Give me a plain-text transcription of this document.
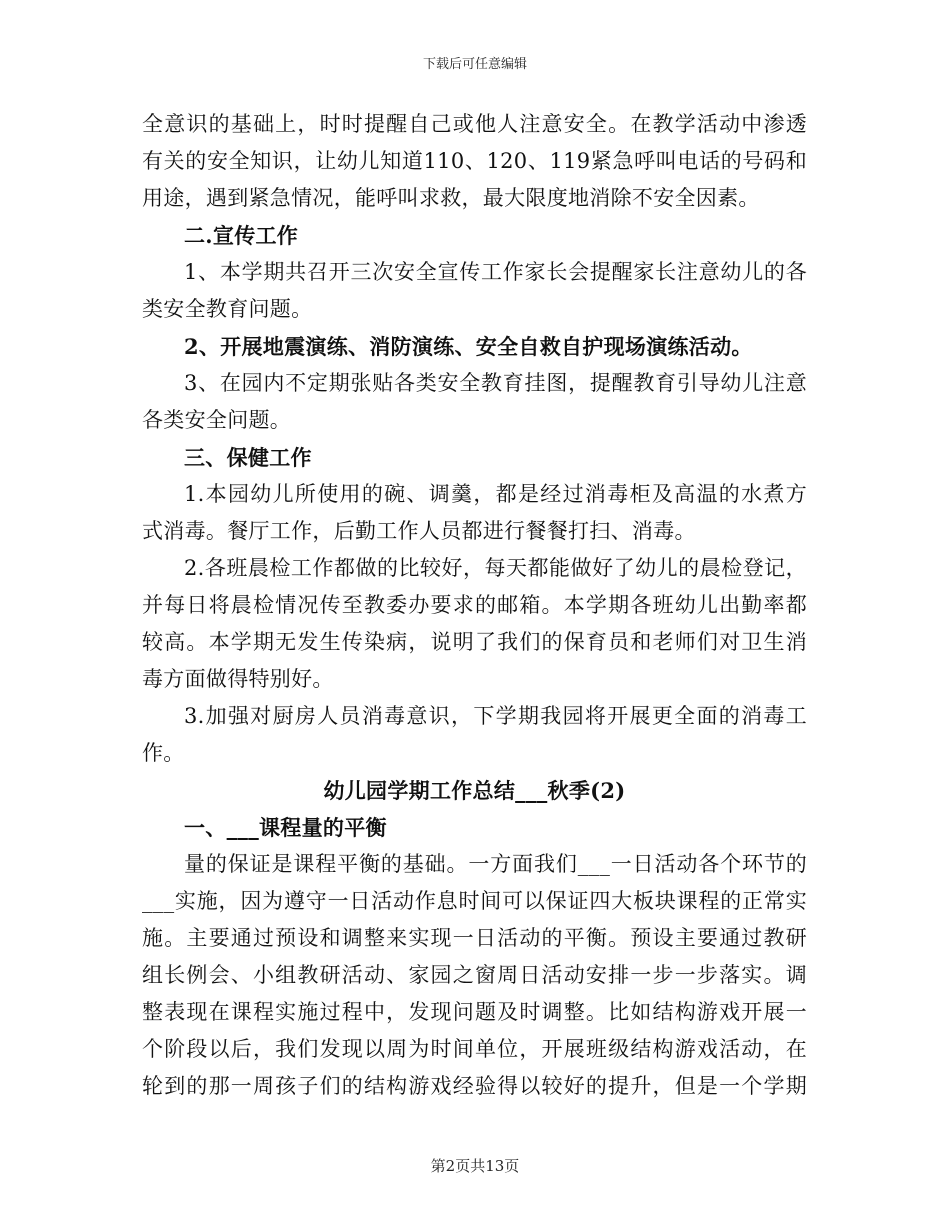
下载后可任意编辑
全意识的基础上，时时提醒自己或他人注意安全。在教学活动中渗透
有关的安全知识，让幼儿知道110、120、119紧急呼叫电话的号码和
用途，遇到紧急情况，能呼叫求救，最大限度地消除不安全因素。
二.宣传工作
1、本学期共召开三次安全宣传工作家长会提醒家长注意幼儿的各
类安全教育问题。
2、开展地震演练、消防演练、安全自救自护现场演练活动。
3、在园内不定期张贴各类安全教育挂图，提醒教育引导幼儿注意
各类安全问题。
三、保健工作
1.本园幼儿所使用的碗、调羹，都是经过消毒柜及高温的水煮方
式消毒。餐厅工作，后勤工作人员都进行餐餐打扫、消毒。
2.各班晨检工作都做的比较好，每天都能做好了幼儿的晨检登记，
并每日将晨检情况传至教委办要求的邮箱。本学期各班幼儿出勤率都
较高。本学期无发生传染病，说明了我们的保育员和老师们对卫生消
毒方面做得特别好。
3.加强对厨房人员消毒意识，下学期我园将开展更全面的消毒工
作。
幼儿园学期工作总结___秋季(2)
一、___课程量的平衡
量的保证是课程平衡的基础。一方面我们___一日活动各个环节的
___实施，因为遵守一日活动作息时间可以保证四大板块课程的正常实
施。主要通过预设和调整来实现一日活动的平衡。预设主要通过教研
组长例会、小组教研活动、家园之窗周日活动安排一步一步落实。调
整表现在课程实施过程中，发现问题及时调整。比如结构游戏开展一
个阶段以后，我们发现以周为时间单位，开展班级结构游戏活动，在
轮到的那一周孩子们的结构游戏经验得以较好的提升，但是一个学期
第2页共13页
